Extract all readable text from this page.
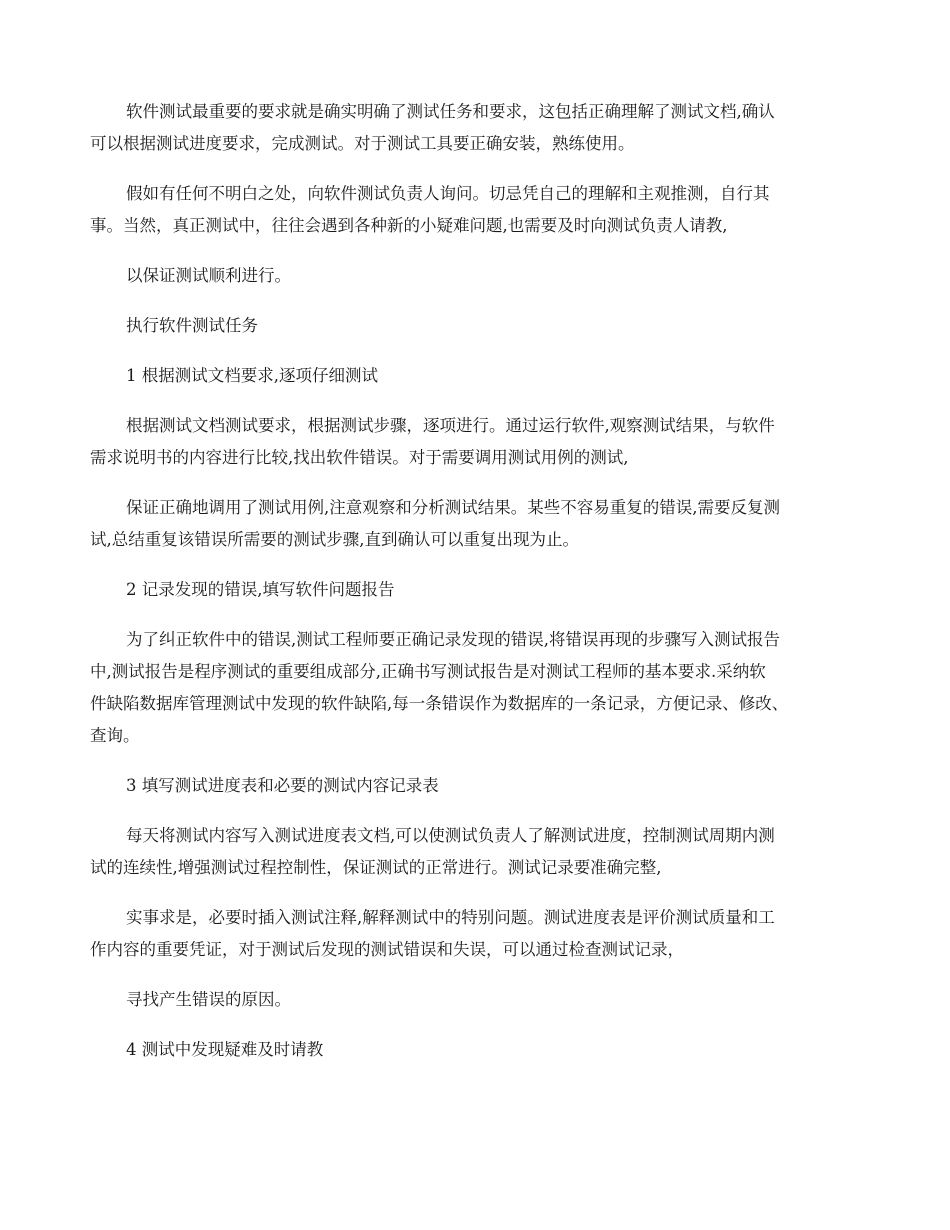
软件测试最重要的要求就是确实明确了测试任务和要求，这包括正确理解了测试文档,确认
可以根据测试进度要求，完成测试。对于测试工具要正确安装，熟练使用。

假如有任何不明白之处，向软件测试负责人询问。切忌凭自己的理解和主观推测，自行其
事。当然，真正测试中，往往会遇到各种新的小疑难问题,也需要及时向测试负责人请教,

以保证测试顺利进行。

执行软件测试任务

1 根据测试文档要求,逐项仔细测试

根据测试文档测试要求，根据测试步骤，逐项进行。通过运行软件,观察测试结果，与软件
需求说明书的内容进行比较,找出软件错误。对于需要调用测试用例的测试,

保证正确地调用了测试用例,注意观察和分析测试结果。某些不容易重复的错误,需要反复测
试,总结重复该错误所需要的测试步骤,直到确认可以重复出现为止。

2 记录发现的错误,填写软件问题报告

为了纠正软件中的错误,测试工程师要正确记录发现的错误,将错误再现的步骤写入测试报告
中,测试报告是程序测试的重要组成部分,正确书写测试报告是对测试工程师的基本要求.采纳软
件缺陷数据库管理测试中发现的软件缺陷,每一条错误作为数据库的一条记录，方便记录、修改、
查询。

3 填写测试进度表和必要的测试内容记录表

每天将测试内容写入测试进度表文档,可以使测试负责人了解测试进度，控制测试周期内测
试的连续性,增强测试过程控制性，保证测试的正常进行。测试记录要准确完整,

实事求是，必要时插入测试注释,解释测试中的特别问题。测试进度表是评价测试质量和工
作内容的重要凭证，对于测试后发现的测试错误和失误，可以通过检查测试记录，

寻找产生错误的原因。

4 测试中发现疑难及时请教
